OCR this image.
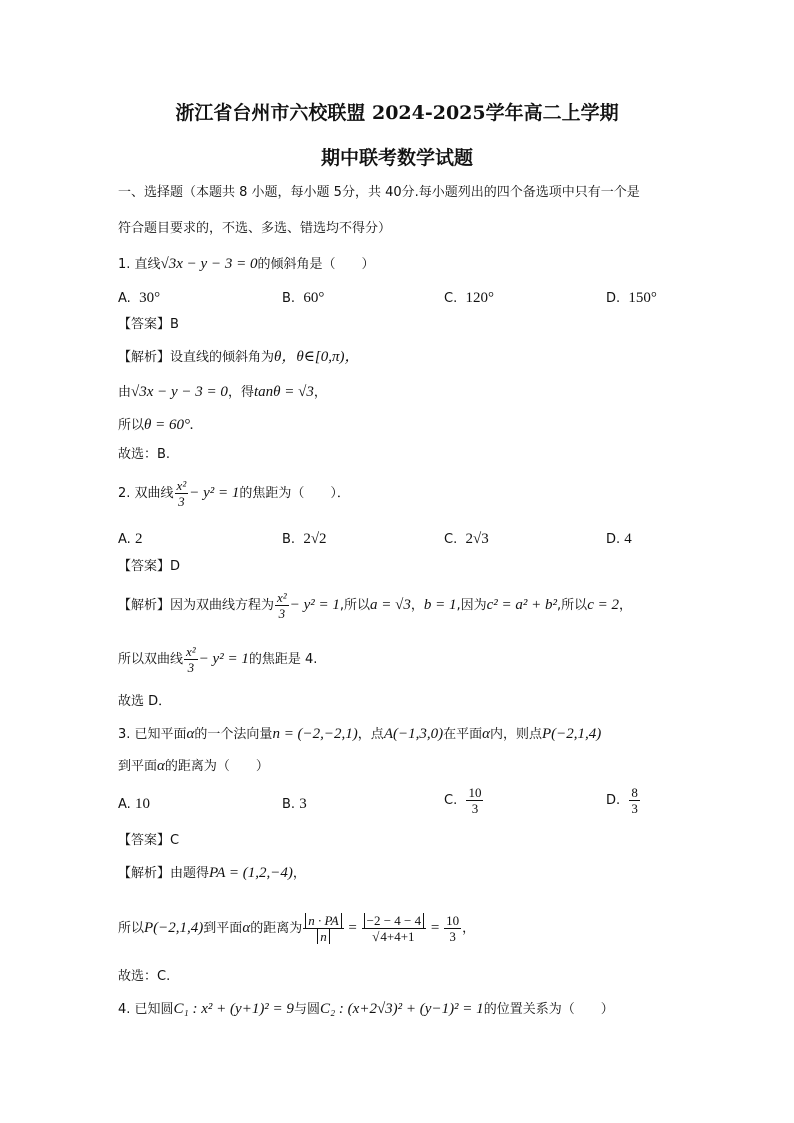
浙江省台州市六校联盟 2024-2025学年高二上学期
期中联考数学试题
一、选择题（本题共 8 小题，每小题 5分，共 40分.每小题列出的四个备选项中只有一个是
符合题目要求的，不选、多选、错选均不得分）
1. 直线√3x − y − 3 = 0的倾斜角是（　　）
A. 30°	B. 60°	C. 120°	D. 150°
【答案】B
【解析】设直线的倾斜角为θ，θ∈[0,π)，
由√3x − y − 3 = 0，得tanθ = √3，
所以θ = 60°.
故选：B.
2. 双曲线 $\frac{\text{x²}}{3} - y^2 = 1$的焦距为（　　）．
A. 2	B. 2√2	C. 2√3	D. 4
【答案】D
【解析】因为双曲线方程为 $\frac{\text{x²}}{3} - y^2 = 1$,所以a = √3，b = 1,因为c² = a² + b²,所以c = 2，
所以双曲线 $\frac{\text{x²}}{3} - y^2 = 1$的焦距是 4.
故选 D．
3. 已知平面α的一个法向量n = (−2,−2,1)，点A(−1,3,0)在平面α内，则点P(−2,1,4)
到平面α的距离为（　　）
A. 10	B. 3	C. $\frac{10}{3}$	D. $\frac{8}{3}$
【答案】C
【解析】由题得PA = (1,2,−4)，
所以P(−2,1,4)到平面α的距离为 $\frac{n \cdot PA}{n} = \frac{-2 - 4 - 4}{√4+4+1} = \frac{10}{3}$ ，
故选：C.
4. 已知圆C₁ : x² + (y+1)² = 9与圆C₂ : (x+2√3)² + (y−1)² = 1的位置关系为（　　）
